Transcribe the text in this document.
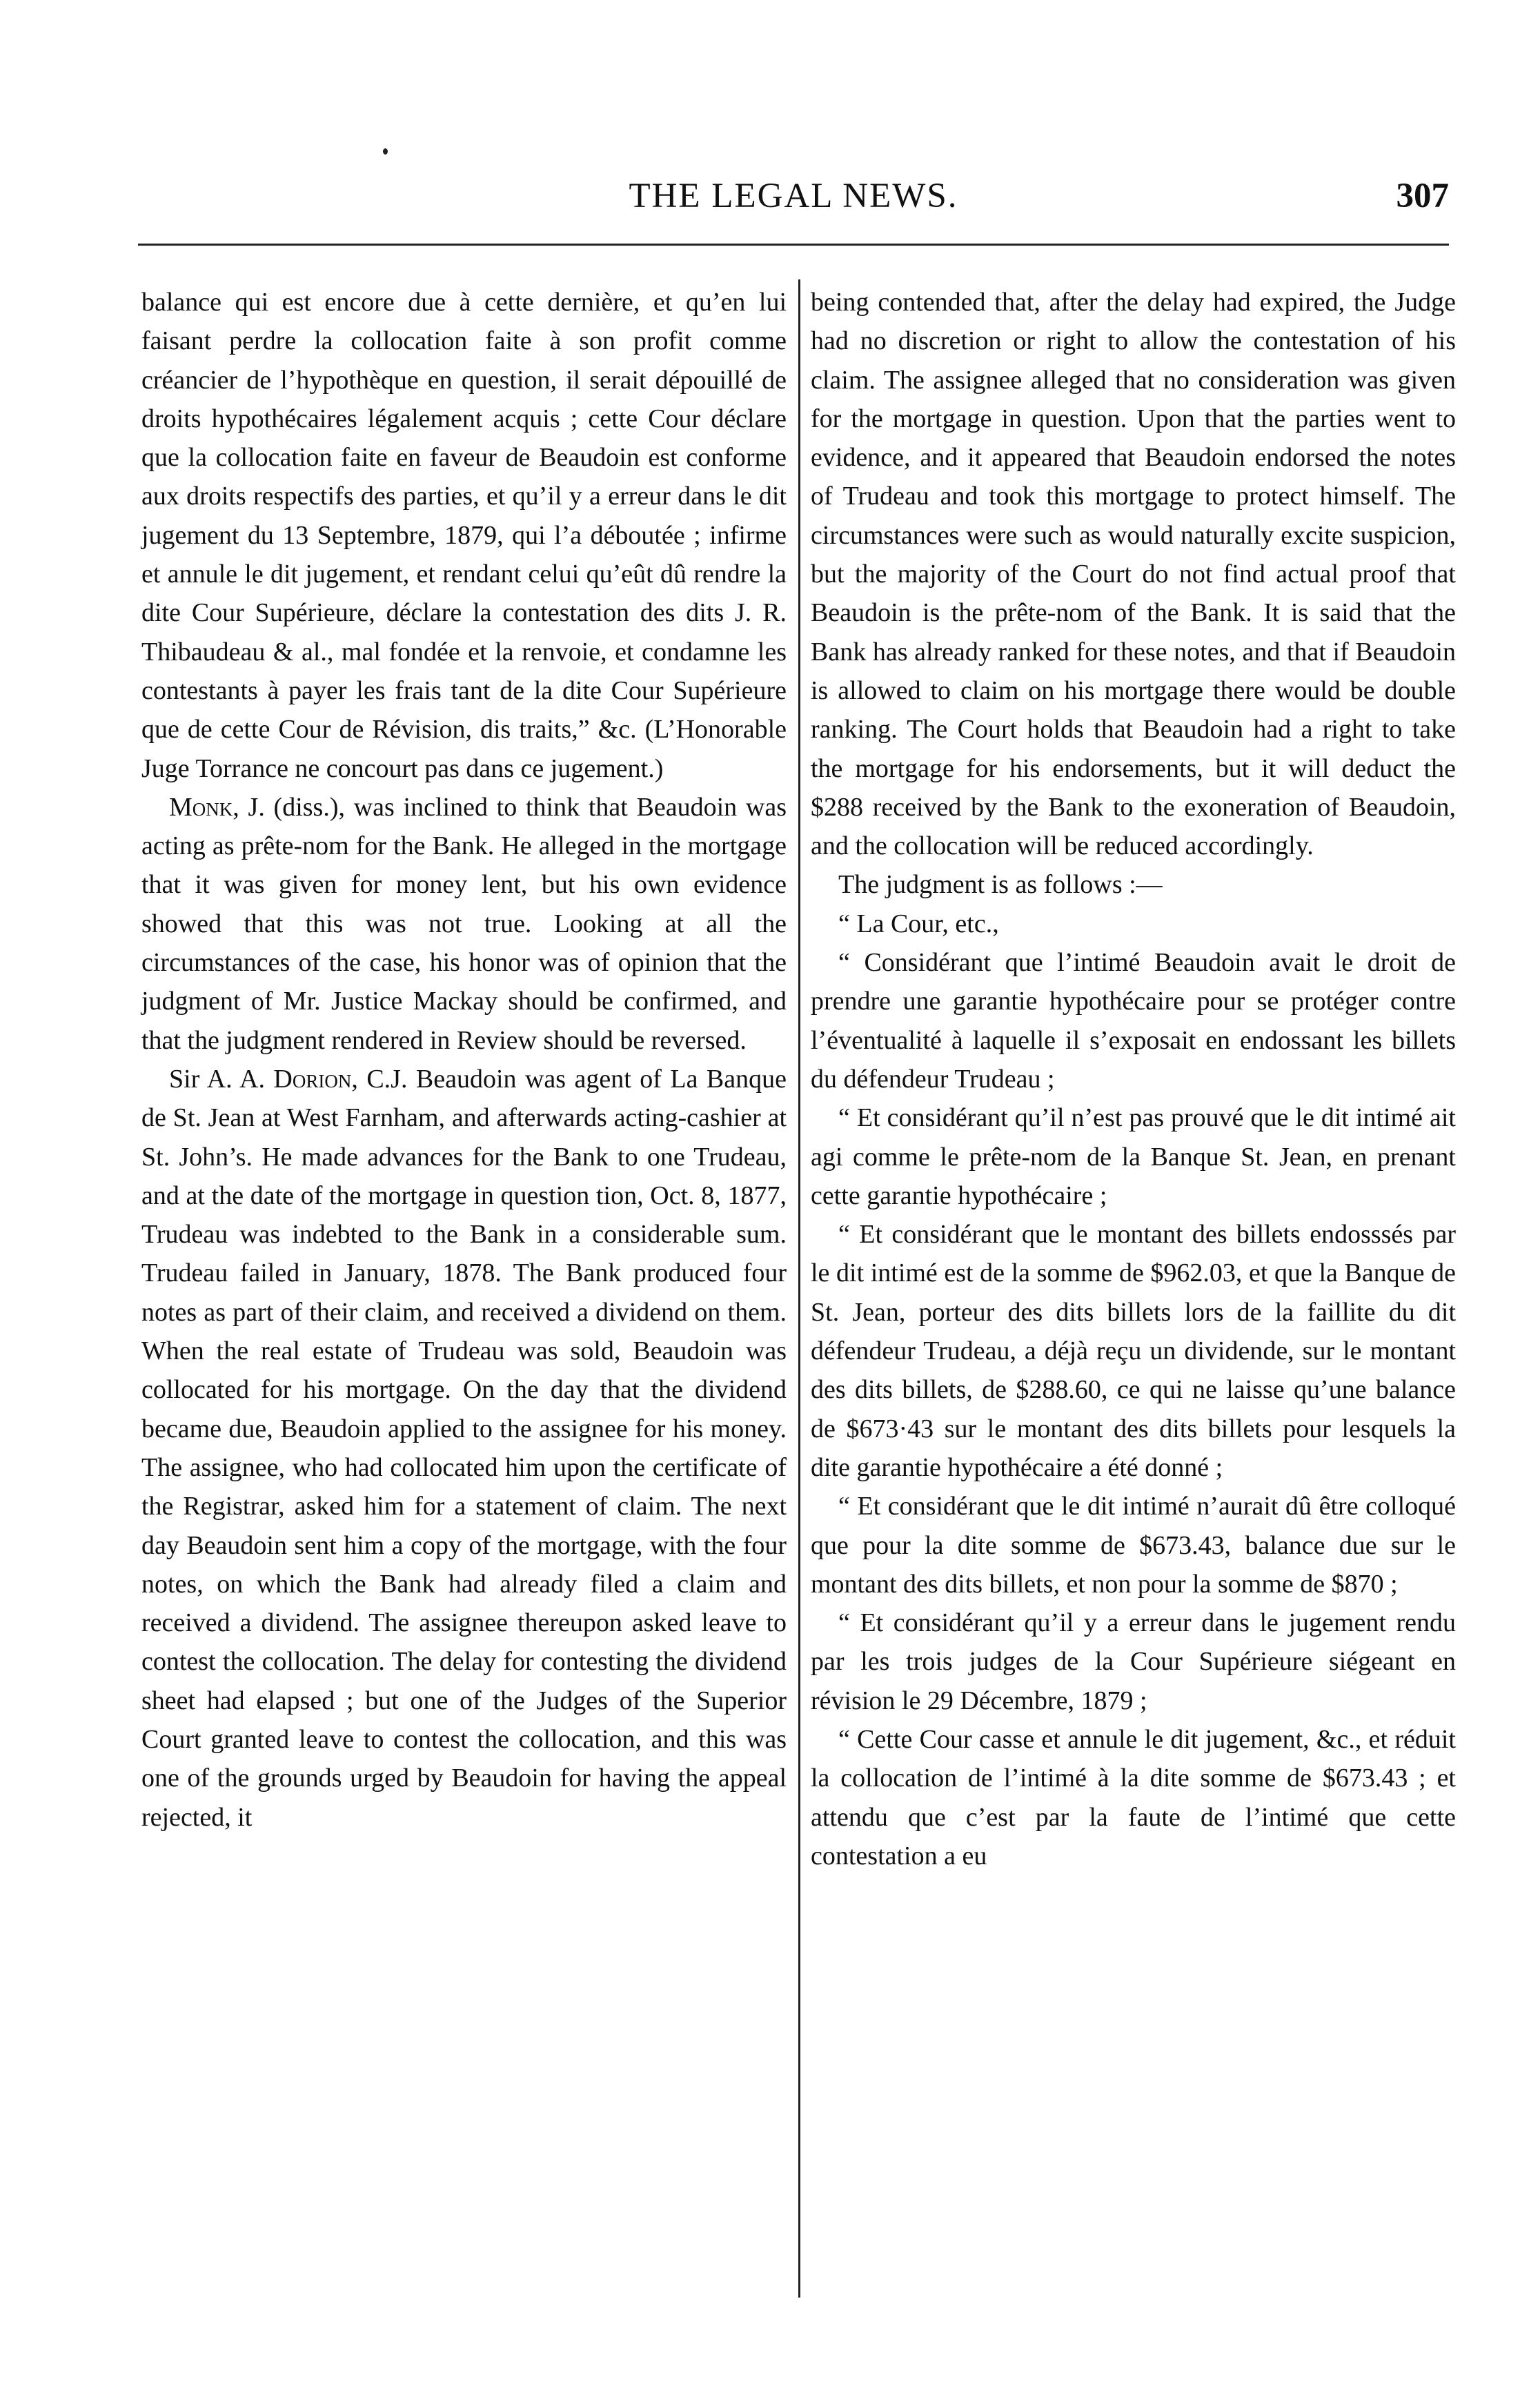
THE LEGAL NEWS.	307

balance qui est encore due à cette dernière, et qu’en lui faisant perdre la collocation faite à son profit comme créancier de l’hypothèque en question, il serait dépouillé de droits hypothécaires légalement acquis ; cette Cour déclare que la collocation faite en faveur de Beaudoin est conforme aux droits respectifs des parties, et qu’il y a erreur dans le dit jugement du 13 Septembre, 1879, qui l’a déboutée ; infirme et annule le dit jugement, et rendant celui qu’eût dû rendre la dite Cour Supérieure, déclare la contestation des dits J. R. Thibaudeau & al., mal fondée et la renvoie, et condamne les contestants à payer les frais tant de la dite Cour Supérieure que de cette Cour de Révision, dis traits,” &c. (L’Honorable Juge Torrance ne concourt pas dans ce jugement.)

Monk, J. (diss.), was inclined to think that Beaudoin was acting as prête-nom for the Bank. He alleged in the mortgage that it was given for money lent, but his own evidence showed that this was not true. Looking at all the circumstances of the case, his honor was of opinion that the judgment of Mr. Justice Mackay should be confirmed, and that the judgment rendered in Review should be reversed.

Sir A. A. Dorion, C.J. Beaudoin was agent of La Banque de St. Jean at West Farnham, and afterwards acting-cashier at St. John’s. He made advances for the Bank to one Trudeau, and at the date of the mortgage in question tion, Oct. 8, 1877, Trudeau was indebted to the Bank in a considerable sum. Trudeau failed in January, 1878. The Bank produced four notes as part of their claim, and received a dividend on them. When the real estate of Trudeau was sold, Beaudoin was collocated for his mortgage. On the day that the dividend became due, Beaudoin applied to the assignee for his money. The assignee, who had collocated him upon the certificate of the Registrar, asked him for a statement of claim. The next day Beaudoin sent him a copy of the mortgage, with the four notes, on which the Bank had already filed a claim and received a dividend. The assignee thereupon asked leave to contest the collocation. The delay for contesting the dividend sheet had elapsed ; but one of the Judges of the Superior Court granted leave to contest the collocation, and this was one of the grounds urged by Beaudoin for having the appeal rejected, it

being contended that, after the delay had expired, the Judge had no discretion or right to allow the contestation of his claim. The assignee alleged that no consideration was given for the mortgage in question. Upon that the parties went to evidence, and it appeared that Beaudoin endorsed the notes of Trudeau and took this mortgage to protect himself. The circumstances were such as would naturally excite suspicion, but the majority of the Court do not find actual proof that Beaudoin is the prête-nom of the Bank. It is said that the Bank has already ranked for these notes, and that if Beaudoin is allowed to claim on his mortgage there would be double ranking. The Court holds that Beaudoin had a right to take the mortgage for his endorsements, but it will deduct the $288 received by the Bank to the exoneration of Beaudoin, and the collocation will be reduced accordingly.

The judgment is as follows :—

“ La Cour, etc.,

“ Considérant que l’intimé Beaudoin avait le droit de prendre une garantie hypothécaire pour se protéger contre l’éventualité à laquelle il s’exposait en endossant les billets du défendeur Trudeau ;

“ Et considérant qu’il n’est pas prouvé que le dit intimé ait agi comme le prête-nom de la Banque St. Jean, en prenant cette garantie hypothécaire ;

“ Et considérant que le montant des billets endosssés par le dit intimé est de la somme de $962.03, et que la Banque de St. Jean, porteur des dits billets lors de la faillite du dit défendeur Trudeau, a déjà reçu un dividende, sur le montant des dits billets, de $288.60, ce qui ne laisse qu’une balance de $673·43 sur le montant des dits billets pour lesquels la dite garantie hypothécaire a été donné ;

“ Et considérant que le dit intimé n’aurait dû être colloqué que pour la dite somme de $673.43, balance due sur le montant des dits billets, et non pour la somme de $870 ;

“ Et considérant qu’il y a erreur dans le jugement rendu par les trois judges de la Cour Supérieure siégeant en révision le 29 Décembre, 1879 ;

“ Cette Cour casse et annule le dit jugement, &c., et réduit la collocation de l’intimé à la dite somme de $673.43 ; et attendu que c’est par la faute de l’intimé que cette contestation a eu
